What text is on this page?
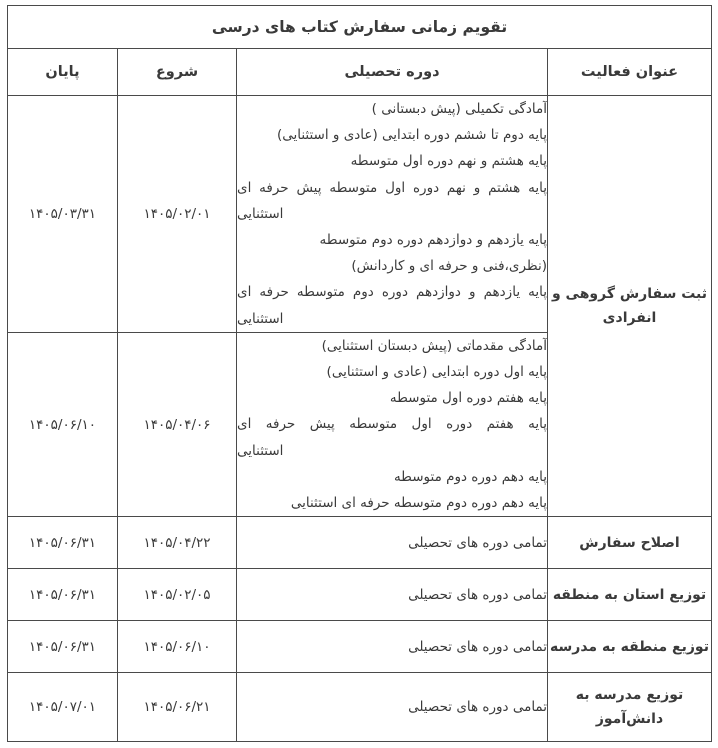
تقویم زمانی سفارش کتاب های درسی			
عنوان فعالیت	دوره تحصیلی	شروع	پایان
ثبت سفارش گروهی و انفرادی	
آمادگی تکمیلی (پیش دبستانی )
پایه دوم تا ششم دوره ابتدایی (عادی و استثنایی)
پایه هشتم و نهم دوره اول متوسطه
پایه هشتم و نهم دوره اول متوسطه پیش حرفه ای
استثنایی
پایه یازدهم و دوازدهم دوره دوم متوسطه
(نظری،فنی و حرفه ای و کاردانش)
پایه یازدهم و دوازدهم دوره دوم متوسطه حرفه ای
استثنایی
	۱۴۰۵/۰۲/۰۱	۱۴۰۵/۰۳/۳۱

آمادگی مقدماتی (پیش دبستان استثنایی)
پایه اول دوره ابتدایی (عادی و استثنایی)
پایه هفتم دوره اول متوسطه
پایه هفتم دوره اول متوسطه پیش حرفه ای
استثنایی
پایه دهم دوره دوم متوسطه
پایه دهم دوره دوم متوسطه حرفه ای استثنایی
	۱۴۰۵/۰۴/۰۶	۱۴۰۵/۰۶/۱۰
اصلاح سفارش	تمامی دوره های تحصیلی	۱۴۰۵/۰۴/۲۲	۱۴۰۵/۰۶/۳۱
توزیع استان به منطقه	تمامی دوره های تحصیلی	۱۴۰۵/۰۲/۰۵	۱۴۰۵/۰۶/۳۱
توزیع منطقه به مدرسه	تمامی دوره های تحصیلی	۱۴۰۵/۰۶/۱۰	۱۴۰۵/۰۶/۳۱
توزیع مدرسه به دانش‌آموز	تمامی دوره های تحصیلی	۱۴۰۵/۰۶/۲۱	۱۴۰۵/۰۷/۰۱
